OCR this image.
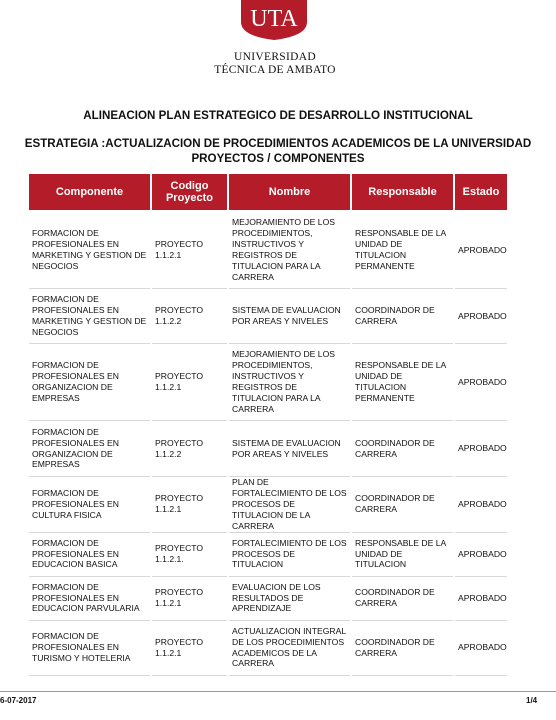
UTA
UNIVERSIDAD
TÉCNICA DE AMBATO
ALINEACION PLAN ESTRATEGICO DE DESARROLLO INSTITUCIONAL
ESTRATEGIA :ACTUALIZACION DE PROCEDIMIENTOS ACADEMICOS DE LA UNIVERSIDAD
PROYECTOS / COMPONENTES
Componente	Codigo Proyecto	Nombre	Responsable	Estado
FORMACION DE PROFESIONALES EN MARKETING Y GESTION DE NEGOCIOS	PROYECTO 1.1.2.1	MEJORAMIENTO DE LOS PROCEDIMIENTOS, INSTRUCTIVOS Y REGISTROS DE TITULACION PARA LA CARRERA	RESPONSABLE DE LA UNIDAD DE TITULACION PERMANENTE	APROBADO
FORMACION DE PROFESIONALES EN MARKETING Y GESTION DE NEGOCIOS	PROYECTO 1.1.2.2	SISTEMA DE EVALUACION POR AREAS Y NIVELES	COORDINADOR DE CARRERA	APROBADO
FORMACION DE PROFESIONALES EN ORGANIZACION DE EMPRESAS	PROYECTO 1.1.2.1	MEJORAMIENTO DE LOS PROCEDIMIENTOS, INSTRUCTIVOS Y REGISTROS DE TITULACION PARA LA CARRERA	RESPONSABLE DE LA UNIDAD DE TITULACION PERMANENTE	APROBADO
FORMACION DE PROFESIONALES EN ORGANIZACION DE EMPRESAS	PROYECTO 1.1.2.2	SISTEMA DE EVALUACION POR AREAS Y NIVELES	COORDINADOR DE CARRERA	APROBADO
FORMACION DE PROFESIONALES EN CULTURA FISICA	PROYECTO 1.1.2.1	PLAN DE FORTALECIMIENTO DE LOS PROCESOS DE TITULACION DE LA CARRERA	COORDINADOR DE CARRERA	APROBADO
FORMACION DE PROFESIONALES EN EDUCACION BASICA	PROYECTO 1.1.2.1.	FORTALECIMIENTO DE LOS PROCESOS DE TITULACION	RESPONSABLE DE LA UNIDAD DE TITULACION	APROBADO
FORMACION DE PROFESIONALES EN EDUCACION PARVULARIA	PROYECTO 1.1.2.1	EVALUACION DE LOS RESULTADOS DE APRENDIZAJE	COORDINADOR DE CARRERA	APROBADO
FORMACION DE PROFESIONALES EN TURISMO Y HOTELERIA	PROYECTO 1.1.2.1	ACTUALIZACION INTEGRAL DE LOS PROCEDIMIENTOS ACADEMICOS DE LA CARRERA	COORDINADOR DE CARRERA	APROBADO
6-07-2017	1/4
